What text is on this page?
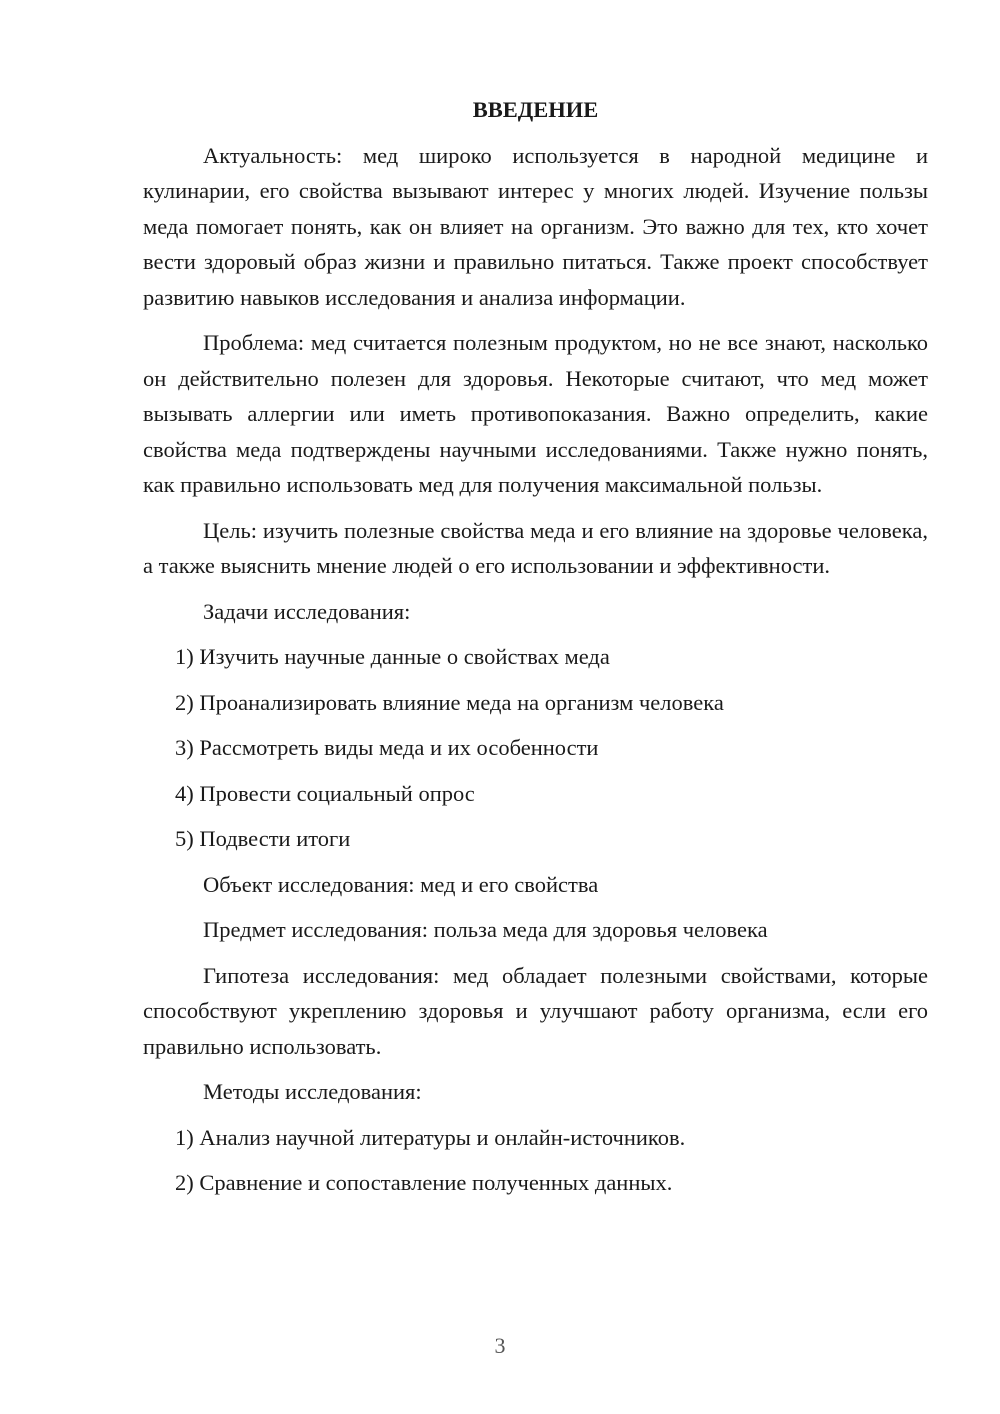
ВВЕДЕНИЕ

Актуальность: мед широко используется в народной медицине и кулинарии, его свойства вызывают интерес у многих людей. Изучение пользы меда помогает понять, как он влияет на организм. Это важно для тех, кто хочет вести здоровый образ жизни и правильно питаться. Также проект способствует развитию навыков исследования и анализа информации.

Проблема: мед считается полезным продуктом, но не все знают, насколько он действительно полезен для здоровья. Некоторые считают, что мед может вызывать аллергии или иметь противопоказания. Важно определить, какие свойства меда подтверждены научными исследованиями. Также нужно понять, как правильно использовать мед для получения максимальной пользы.

Цель: изучить полезные свойства меда и его влияние на здоровье человека, а также выяснить мнение людей о его использовании и эффективности.

Задачи исследования:
1) Изучить научные данные о свойствах меда
2) Проанализировать влияние меда на организм человека
3) Рассмотреть виды меда и их особенности
4) Провести социальный опрос
5) Подвести итоги
Объект исследования: мед и его свойства
Предмет исследования: польза меда для здоровья человека

Гипотеза исследования: мед обладает полезными свойствами, которые способствуют укреплению здоровья и улучшают работу организма, если его правильно использовать.

Методы исследования:
1) Анализ научной литературы и онлайн-источников.
2) Сравнение и сопоставление полученных данных.
3
